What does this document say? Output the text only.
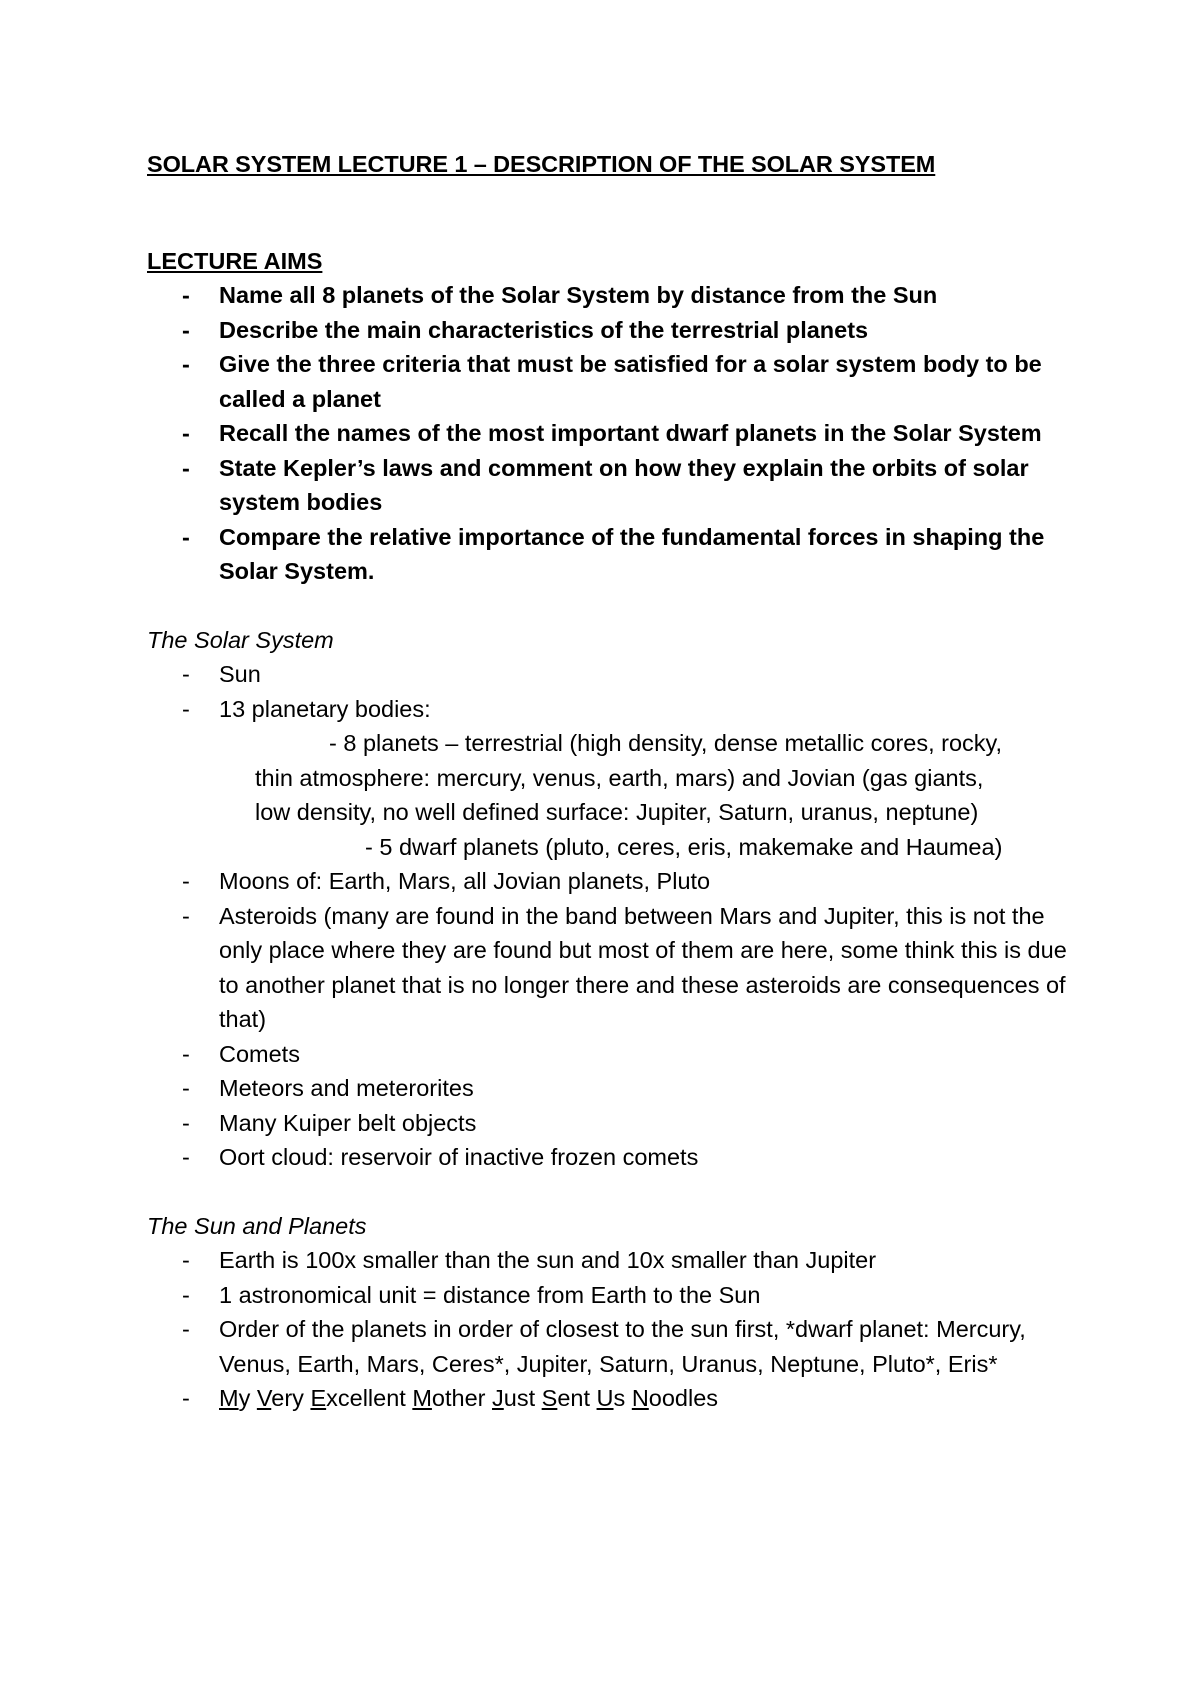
SOLAR SYSTEM LECTURE 1 – DESCRIPTION OF THE SOLAR SYSTEM

LECTURE AIMS

- Name all 8 planets of the Solar System by distance from the Sun
- Describe the main characteristics of the terrestrial planets
- Give the three criteria that must be satisfied for a solar system body to be called a planet
- Recall the names of the most important dwarf planets in the Solar System
- State Kepler’s laws and comment on how they explain the orbits of solar system bodies
- Compare the relative importance of the fundamental forces in shaping the Solar System.

The Solar System

- Sun
- 13 planetary bodies:
- 8 planets – terrestrial (high density, dense metallic cores, rocky,
thin atmosphere: mercury, venus, earth, mars) and Jovian (gas giants,
low density, no well defined surface: Jupiter, Saturn, uranus, neptune)
- 5 dwarf planets (pluto, ceres, eris, makemake and Haumea)
- Moons of: Earth, Mars, all Jovian planets, Pluto
- Asteroids (many are found in the band between Mars and Jupiter, this is not the only place where they are found but most of them are here, some think this is due to another planet that is no longer there and these asteroids are consequences of that)
- Comets
- Meteors and meterorites
- Many Kuiper belt objects
- Oort cloud: reservoir of inactive frozen comets

The Sun and Planets

- Earth is 100x smaller than the sun and 10x smaller than Jupiter
- 1 astronomical unit = distance from Earth to the Sun
- Order of the planets in order of closest to the sun first, *dwarf planet: Mercury, Venus, Earth, Mars, Ceres*, Jupiter, Saturn, Uranus, Neptune, Pluto*, Eris*
- My Very Excellent Mother Just Sent Us Noodles
